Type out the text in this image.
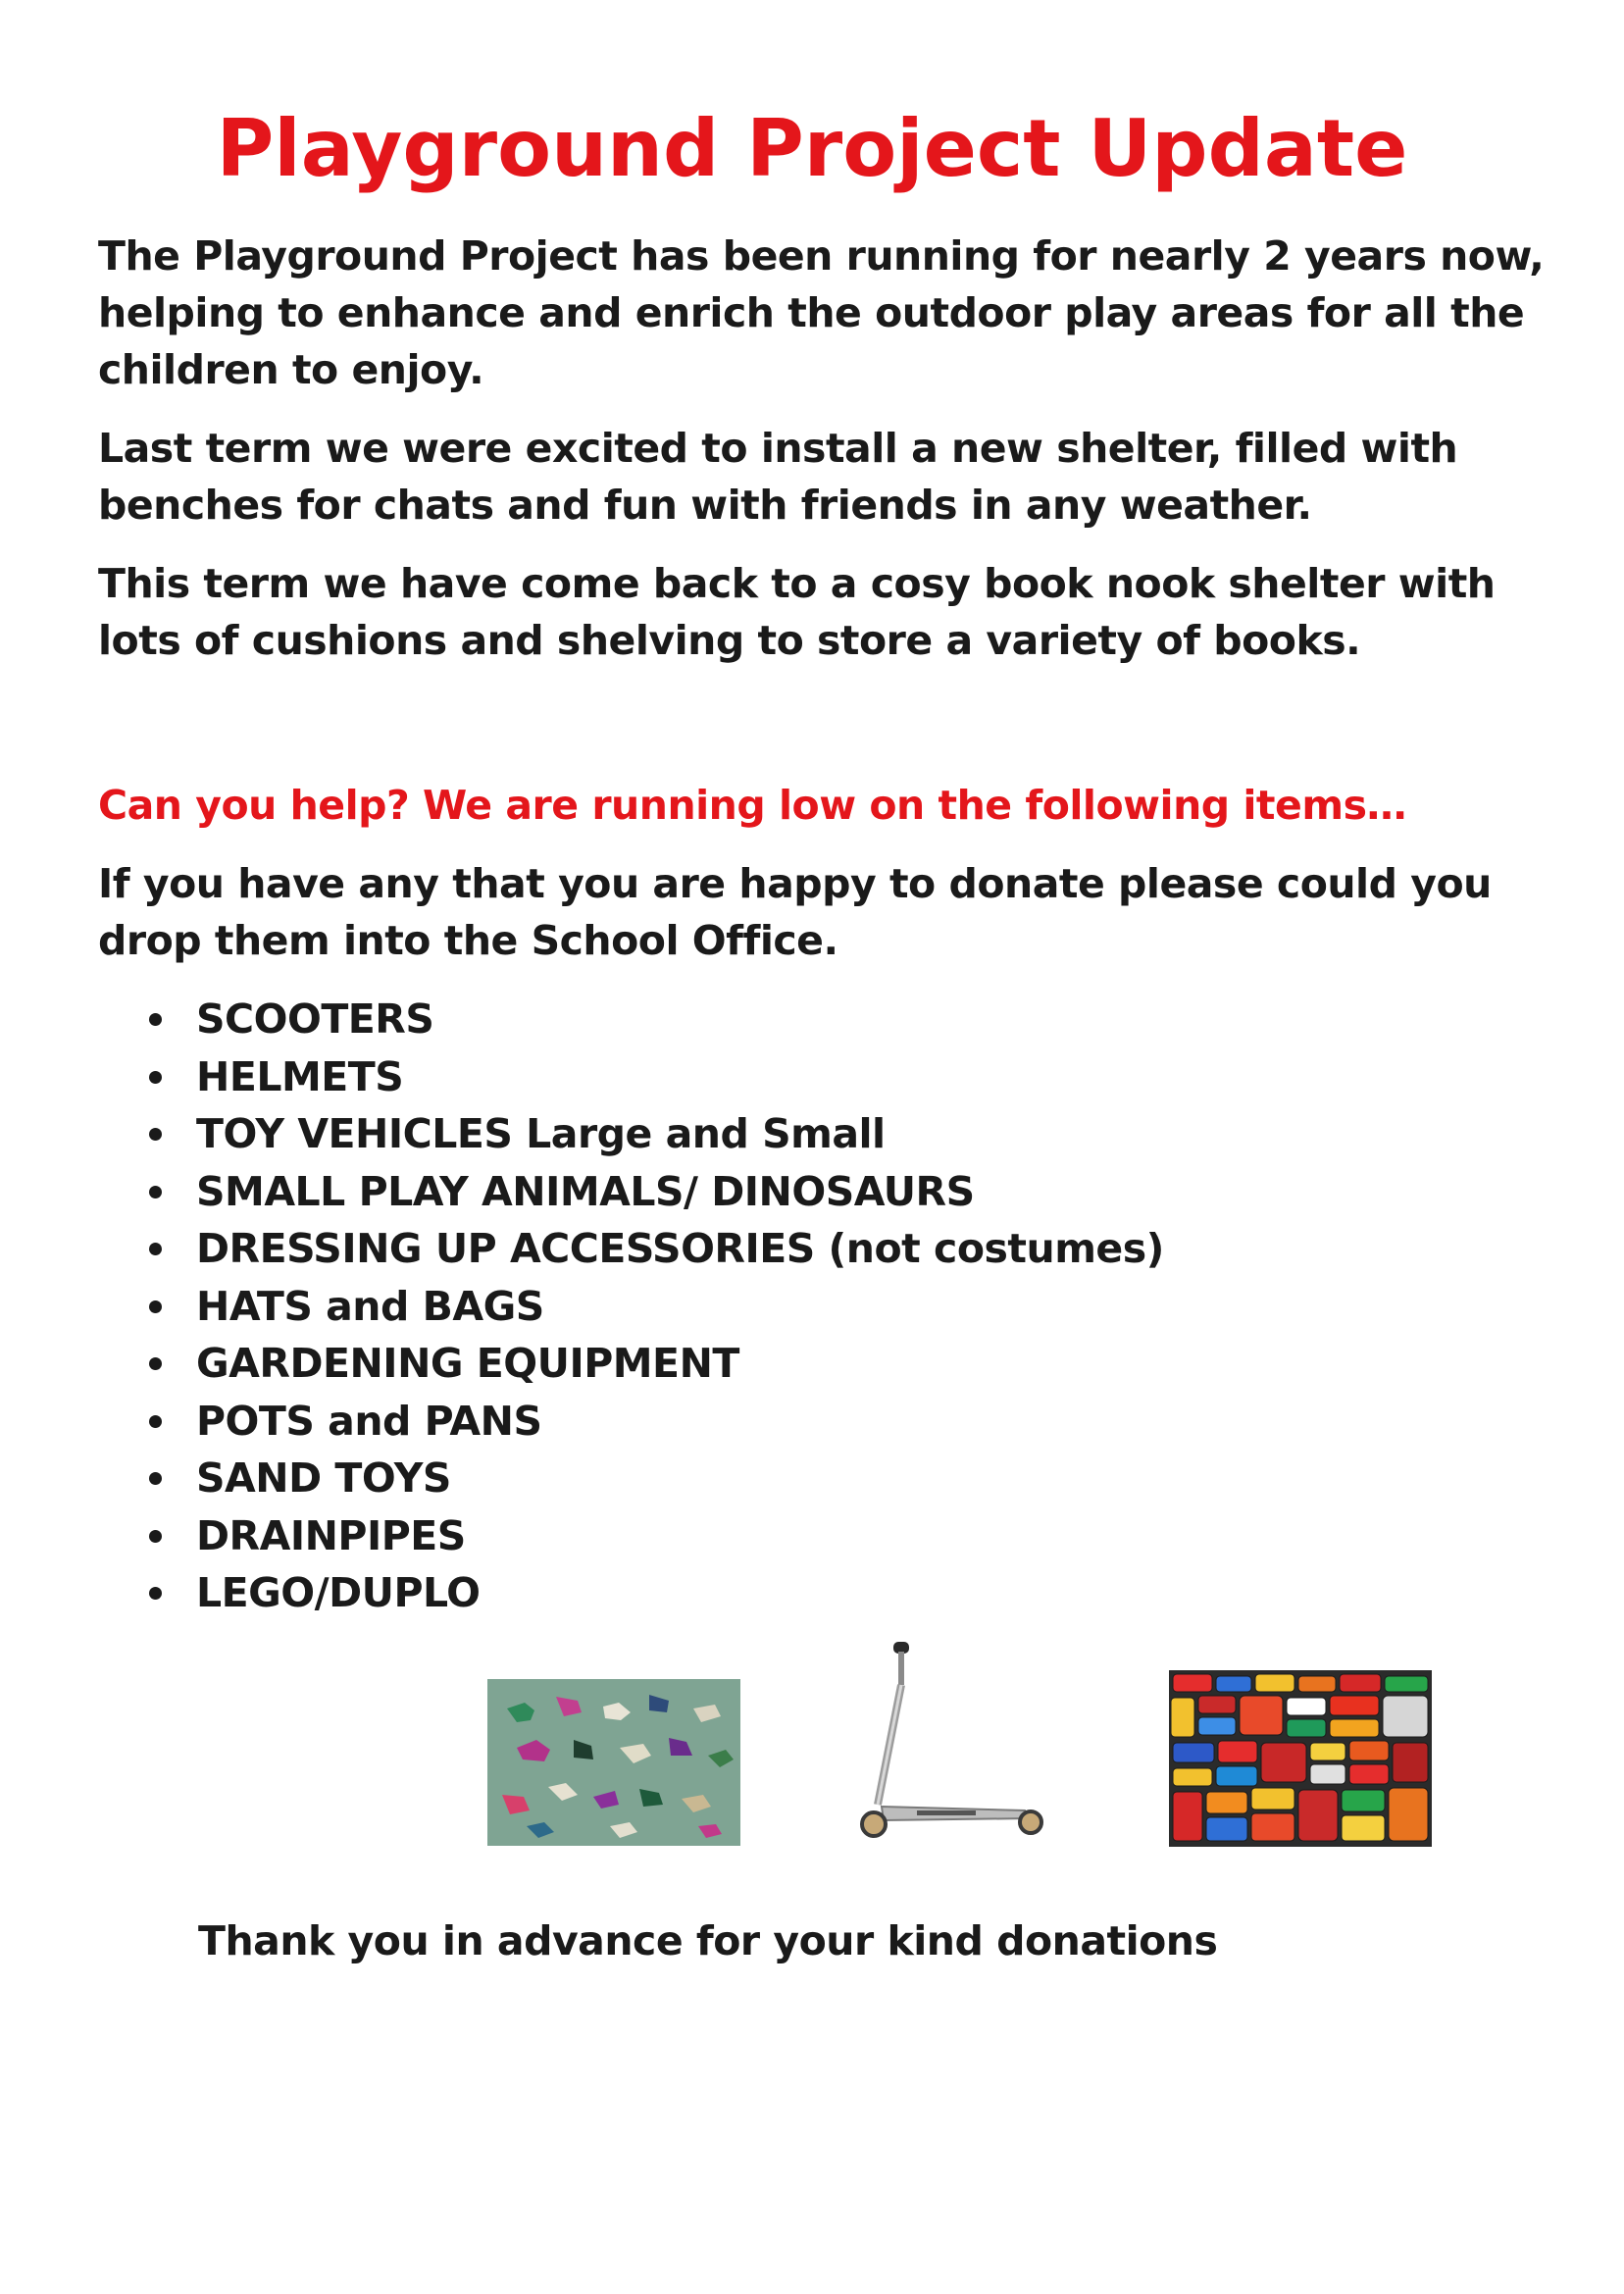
Playground Project Update

The Playground Project has been running for nearly 2 years now, helping to enhance and enrich the outdoor play areas for all the children to enjoy.

Last term we were excited to install a new shelter, filled with benches for chats and fun with friends in any weather.

This term we have come back to a cosy book nook shelter with lots of cushions and shelving to store a variety of books.

Can you help? We are running low on the following items…

If you have any that you are happy to donate please could you drop them into the School Office.

SCOOTERS
HELMETS
TOY VEHICLES Large and Small
SMALL PLAY ANIMALS/ DINOSAURS
DRESSING UP ACCESSORIES (not costumes)
HATS and BAGS
GARDENING EQUIPMENT
POTS and PANS
SAND TOYS
DRAINPIPES
LEGO/DUPLO

Thank you in advance for your kind donations
